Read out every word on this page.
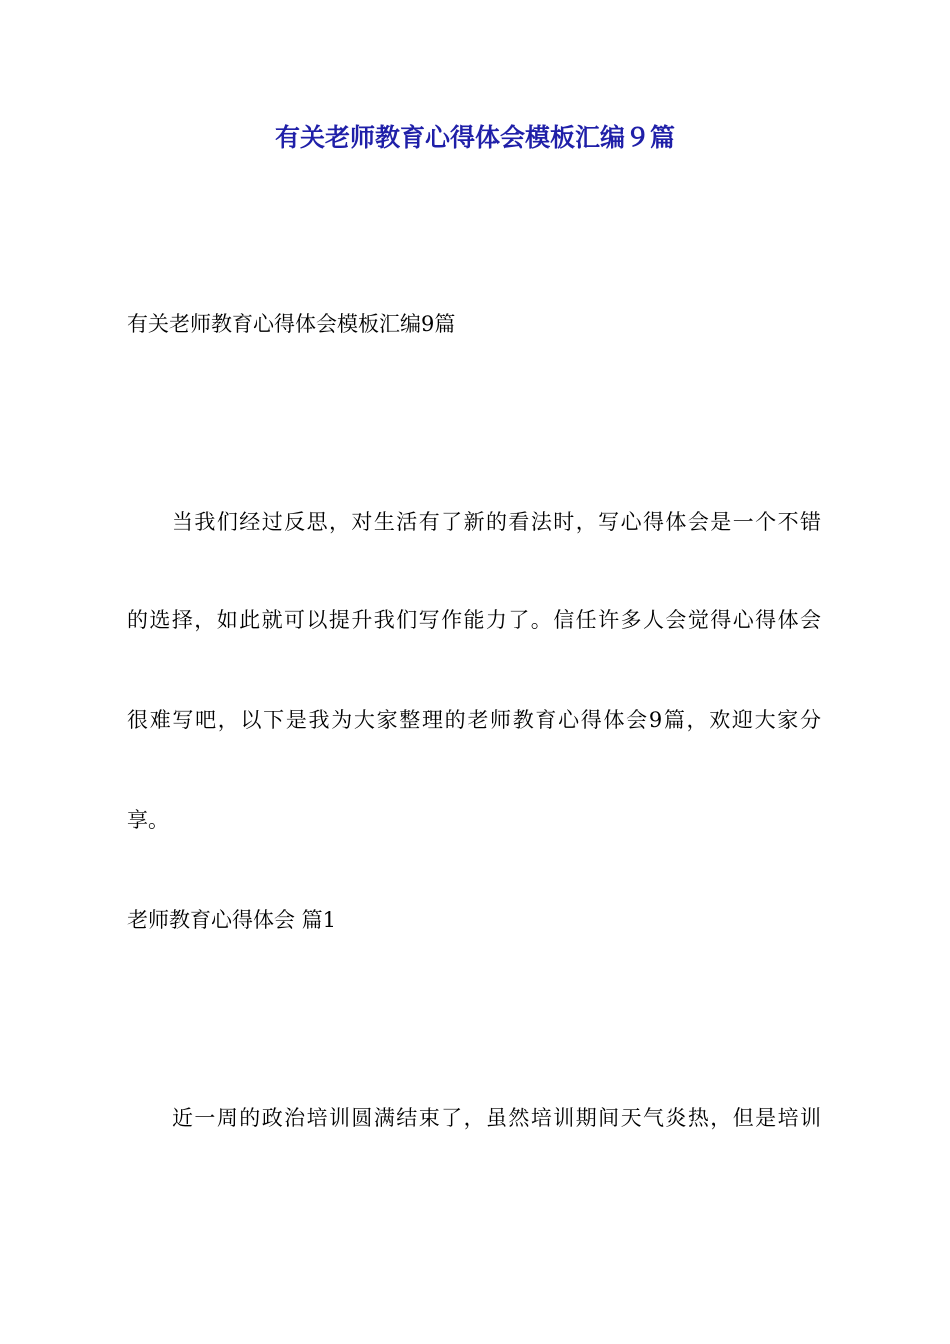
有关老师教育心得体会模板汇编９篇
有关老师教育心得体会模板汇编9篇
当我们经过反思，对生活有了新的看法时，写心得体会是一个不错
的选择，如此就可以提升我们写作能力了。信任许多人会觉得心得体会
很难写吧，以下是我为大家整理的老师教育心得体会9篇，欢迎大家分
享。
老师教育心得体会 篇1
近一周的政治培训圆满结束了，虽然培训期间天气炎热，但是培训
